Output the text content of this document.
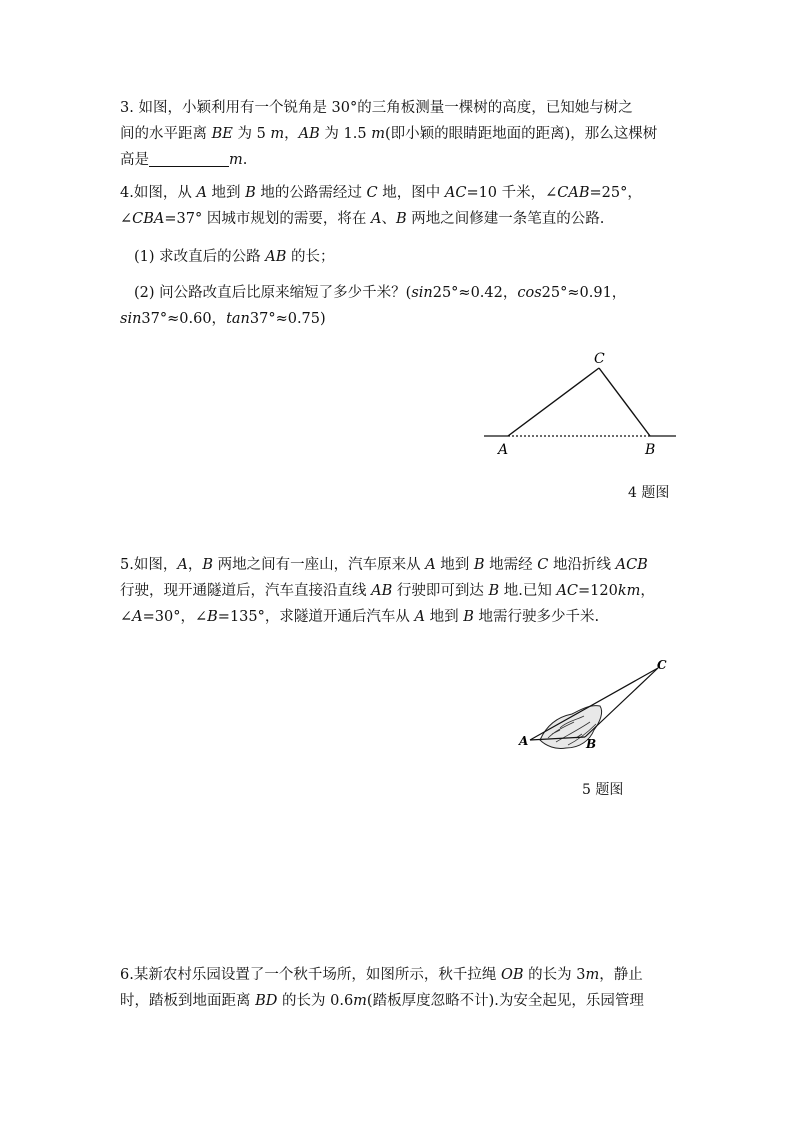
3. 如图，小颖利用有一个锐角是 30°的三角板测量一棵树的高度，已知她与树之
间的水平距离 BE 为 5 m，AB 为 1.5 m(即小颖的眼睛距地面的距离)，那么这棵树
高是	m.
4.如图，从 A 地到 B 地的公路需经过 C 地，图中 AC=10 千米，∠CAB=25°，
∠CBA=37° 因城市规划的需要，将在 A、B 两地之间修建一条笔直的公路.
(1) 求改直后的公路 AB 的长；
(2) 问公路改直后比原来缩短了多少千米？(sin25°≈0.42，cos25°≈0.91，
sin37°≈0.60，tan37°≈0.75)
A	B
C
4 题图
5.如图，A，B 两地之间有一座山，汽车原来从 A 地到 B 地需经 C 地沿折线 ACB
行驶，现开通隧道后，汽车直接沿直线 AB 行驶即可到达 B 地.已知 AC=120km，
∠A=30°，∠B=135°，求隧道开通后汽车从 A 地到 B 地需行驶多少千米.
A	B
C
5 题图
6.某新农村乐园设置了一个秋千场所，如图所示，秋千拉绳 OB 的长为 3m，静止
时，踏板到地面距离 BD 的长为 0.6m(踏板厚度忽略不计).为安全起见，乐园管理
